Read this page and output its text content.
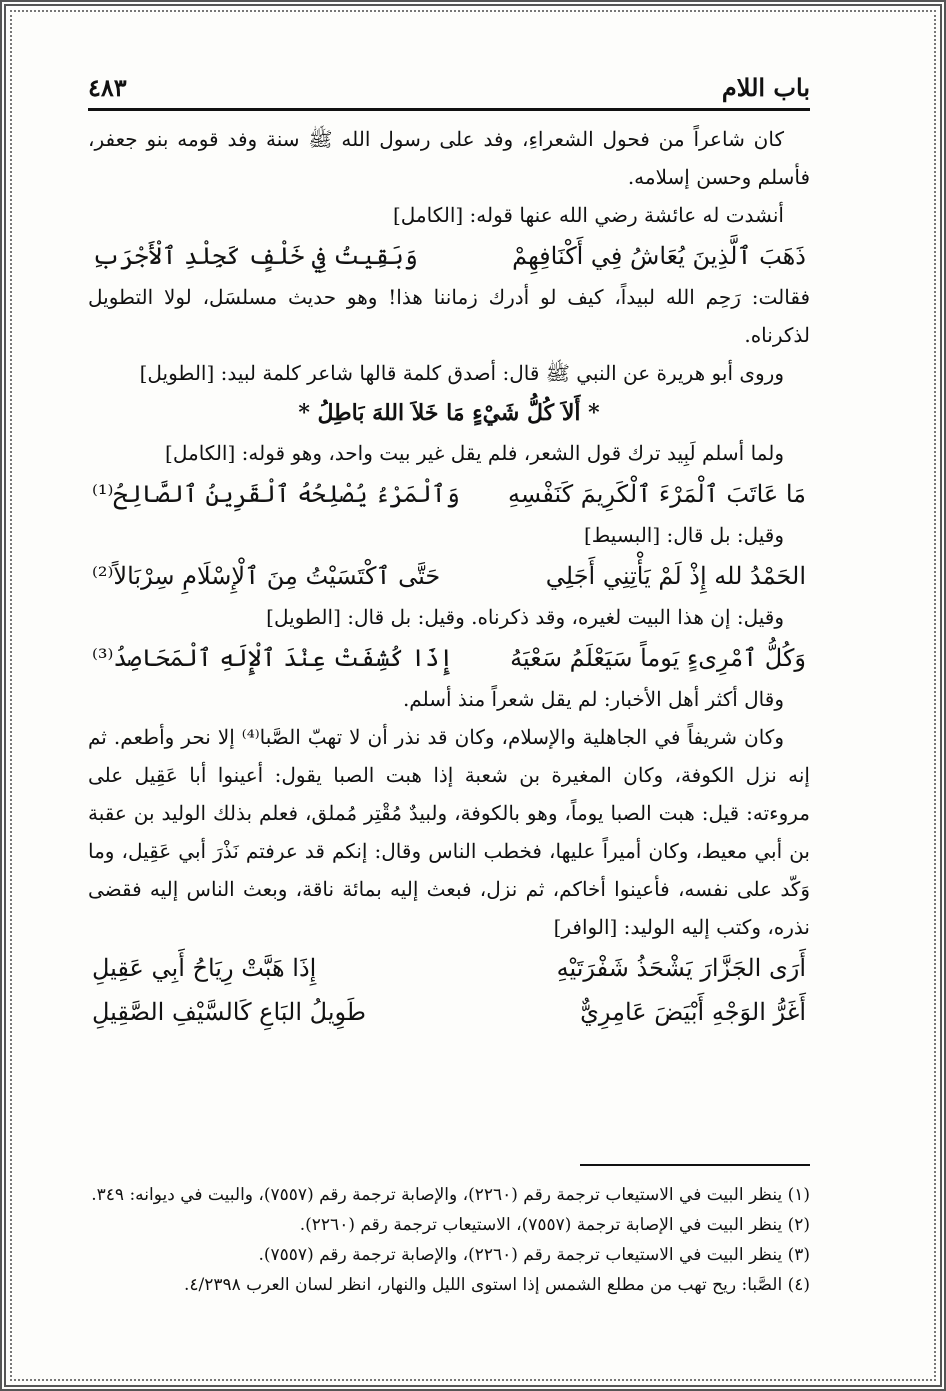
باب اللام
٤٨٣

كان شاعراً من فحول الشعراءِ، وفد على رسول الله ﷺ سنة وفد قومه بنو جعفر، فأسلم وحسن إسلامه.

أنشدت له عائشة رضي الله عنها قوله: [الكامل]

ذَهَبَ ٱلَّذِينَ يُعَاشُ فِي أَكْنَافِهِمْ
وَبَقِيتُ فِي خَلْفٍ كَجِلْدِ ٱلْأَجْرَبِ

فقالت: رَحِم الله لبيداً، كيف لو أدرك زماننا هذا! وهو حديث مسلسَل، لولا التطويل لذكرناه.

وروى أبو هريرة عن النبي ﷺ قال: أصدق كلمة قالها شاعر كلمة لبيد: [الطويل]

* أَلاَ كُلُّ شَيْءٍ مَا خَلاَ اللهَ بَاطِلُ *

ولما أسلم لَبِيد ترك قول الشعر، فلم يقل غير بيت واحد، وهو قوله: [الكامل]

مَا عَاتَبَ ٱلْمَرْءَ ٱلْكَرِيمَ كَنَفْسِهِ
وَٱلْمَرْءُ يُصْلِحُهُ ٱلْقَرِينُ ٱلصَّالِحُ⁽¹⁾

وقيل: بل قال: [البسيط]

الحَمْدُ لله إِذْ لَمْ يَأْتِنِي أَجَلِي
حَتَّى ٱكْتَسَيْتُ مِنَ ٱلْإِسْلَامِ سِرْبَالاً⁽²⁾

وقيل: إن هذا البيت لغيره، وقد ذكرناه. وقيل: بل قال: [الطويل]

وَكُلُّ ٱمْرِىءٍ يَوماً سَيَعْلَمُ سَعْيَهُ
إِذَا كُشِفَتْ عِنْدَ ٱلْإِلَهِ ٱلْمَحَاصِدُ⁽³⁾

وقال أكثر أهل الأخبار: لم يقل شعراً منذ أسلم.

وكان شريفاً في الجاهلية والإسلام، وكان قد نذر أن لا تهبّ الصَّبا⁽⁴⁾ إلا نحر وأطعم. ثم إنه نزل الكوفة، وكان المغيرة بن شعبة إذا هبت الصبا يقول: أعينوا أبا عَقِيل على مروءته: قيل: هبت الصبا يوماً، وهو بالكوفة، ولبيدٌ مُقْتِر مُملق، فعلم بذلك الوليد بن عقبة بن أبي معيط، وكان أميراً عليها، فخطب الناس وقال: إنكم قد عرفتم نَذْرَ أبي عَقِيل، وما وَكّد على نفسه، فأعينوا أخاكم، ثم نزل، فبعث إليه بمائة ناقة، وبعث الناس إليه فقضى نذره، وكتب إليه الوليد: [الوافر]

أَرَى الجَزَّارَ يَشْحَذُ شَفْرَتَيْهِ
إِذَا هَبَّتْ رِيَاحُ أَبِي عَقِيلِ
أَغَرُّ الوَجْهِ أَبْيَضَ عَامِرِيٌّ
طَوِيلُ البَاعِ كَالسَّيْفِ الصَّقِيلِ

(١) ينظر البيت في الاستيعاب ترجمة رقم (٢٢٦٠)، والإصابة ترجمة رقم (٧٥٥٧)، والبيت في ديوانه: ٣٤٩.

(٢) ينظر البيت في الإصابة ترجمة (٧٥٥٧)، الاستيعاب ترجمة رقم (٢٢٦٠).

(٣) ينظر البيت في الاستيعاب ترجمة رقم (٢٢٦٠)، والإصابة ترجمة رقم (٧٥٥٧).

(٤) الصَّبا: ريح تهب من مطلع الشمس إذا استوى الليل والنهار، انظر لسان العرب ٤/٢٣٩٨.
